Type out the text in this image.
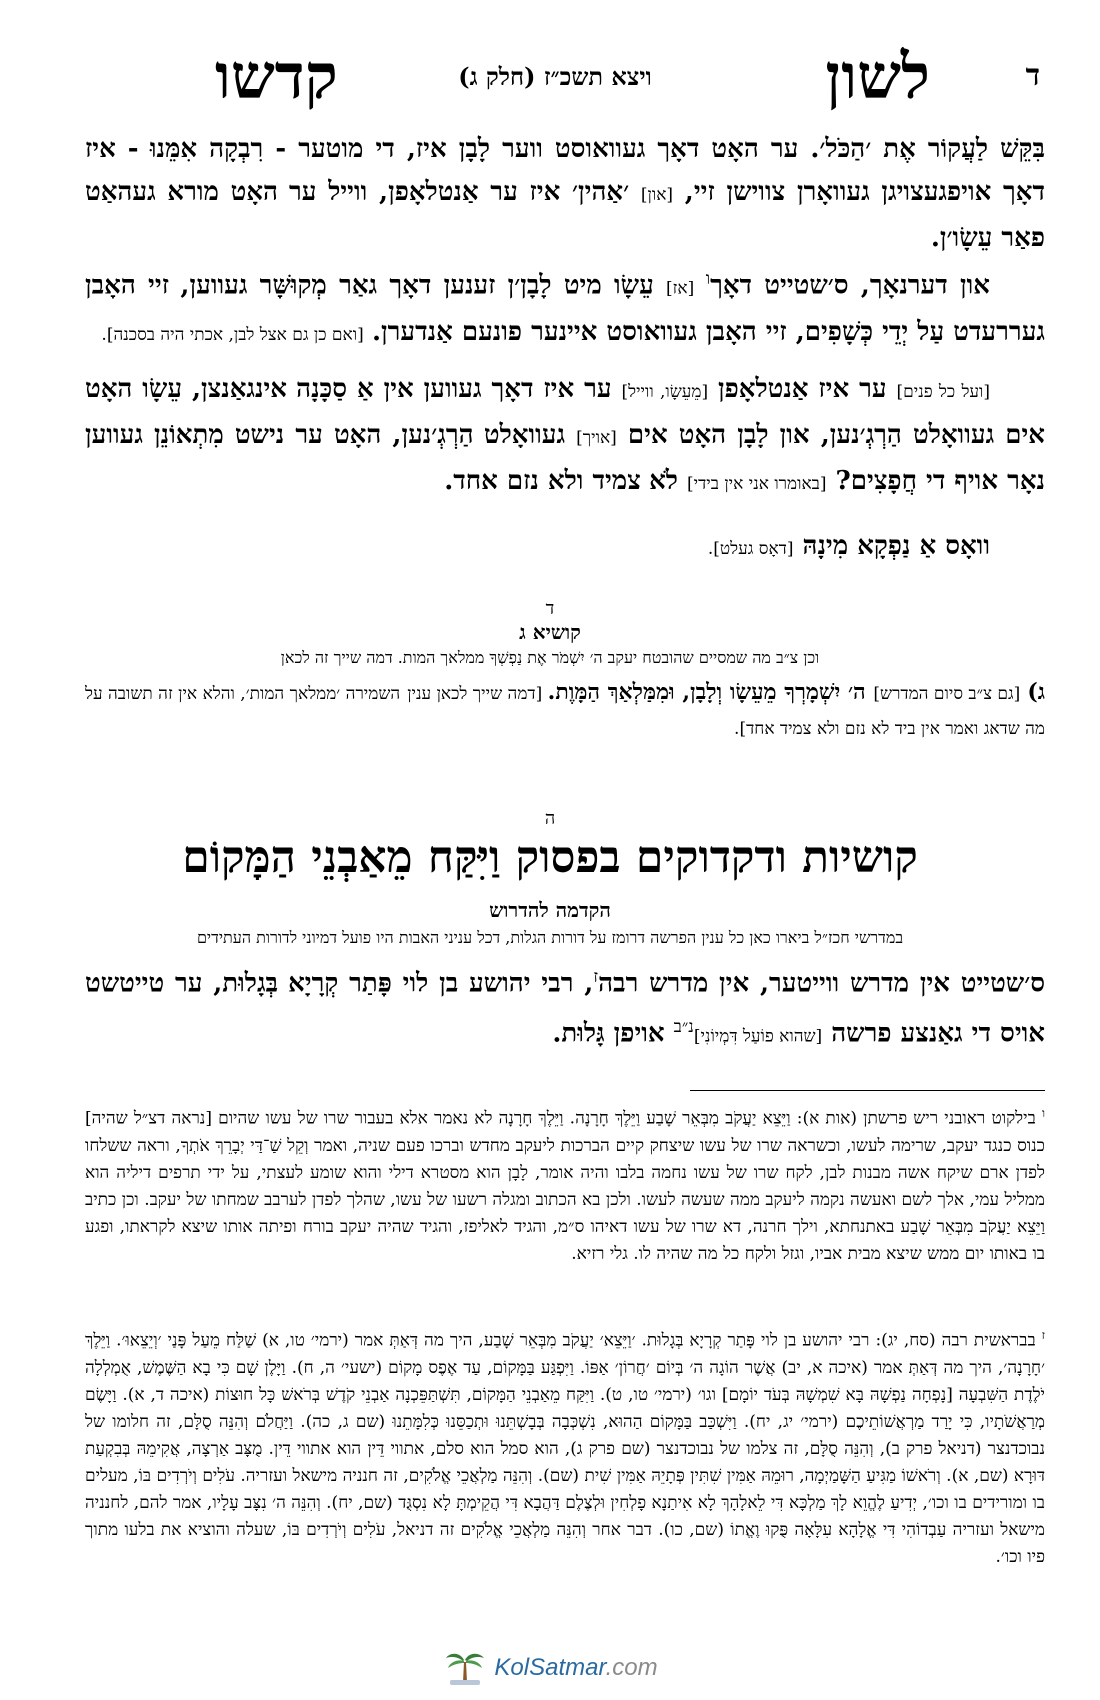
ד
לשון
ויצא תשכ״ז (חלק ג)
קדשו
בִּקֵּשׁ לַעֲקוֹר אֶת ׳הַכֹּל׳. ער האָט דאָך געוואוסט ווער לָבָן איז, די מוטער - רִבְקָה אִמֵּנוּ - איז דאָך אויפגעצויגן געוואָרן צווישן זיי, [און] ׳אַהין׳ איז ער אַנטלאָפן, ווייל ער האָט מורא געהאַט פאַר עֵשָׂו׳ן.
און דערנאָך, ס׳שטייט דאָך$^ו$ [אז] עֵשָׂו מיט לָבָן׳ן זענען דאָך גאַר מְקוּשָּׁר געווען, זיי האָבן געררעדט עַל יְדֵי כְּשָׁפִים, זיי האָבן געוואוסט איינער פונעם אַנדערן. [ואם כן גם אצל לבן, אכתי היה בסכנה].
[ועל כל פנים] ער איז אַנטלאָפן [מֵעֵשָׂו, ווייל] ער איז דאָך געווען אין אַ סַכָּנָה אינגאַנצן, עֵשָׂו האָט אים געוואָלט הַרְגְ׳נען, און לָבָן האָט אים [אויך] געוואָלט הַרְגְ׳נען, האָט ער נישט מִתְאוֹנֵן געווען נאָר אויף די חֲפָצִים? [באומרו אני אין בידי] לֹא צמיד ולא נזם אחד.
וואָס אַ נַפְקָא מִינָהּ [דאָס געלט].
ד
קושיא ג
וכן צ״ב מה שמסיים שהובטח יעקב ה׳ יִשְׁמֹר אֶת נַפְשְׁךָ ממלאך המות. דמה שייך זה לכאן
ג) [גם צ״ב סיום המדרש] ה׳ יִשְׁמָרְךָ מֵעֵשָׂו וְלָבָן, וּמִמַּלְאַךְ הַמָּוֶת. [דמה שייך לכאן ענין השמירה ׳ממלאך המות׳, והלא אין זה תשובה על מה שדאג ואמר אין ביד לא נזם ולא צמיד אחד].
ה
קושיות ודקדוקים בפסוק וַיִּקַּח מֵאַבְנֵי הַמָּקוֹם
הקדמה להדרוש
במדרשי חכז״ל ביארו כאן כל ענין הפרשה דרומז על דורות הגלות, דכל עניני האבות היו פועל דמיוני לדורות העתידים
ס׳שטייט אין מדרש ווייטער, אין מדרש רבה$^ז$, רבי יהושע בן לוי פָּתַר קְרָיָא בְּגָלוּת, ער טייטשט אויס די גאַנצע פרשה [שהוא פוֹעַל דִּמְיוֹנִי]$^{נ״ב}$ אויפן גָּלוּת.
$^ו$ בילקוט ראובני ריש פרשתן (אות א): וַיֵּצֵא יַעֲקֹב מִבְּאֵר שָׁבַע וַיֵּלֶךְ חָרָנָה. וַיֵּלֶךְ חָרָנָה לא נאמר אלא בעבור שרו של עשו שהיום [נראה דצ״ל שהיה] כנוס כנגד יעקב, שרימה לעשו, וכשראה שרו של עשו שיצחק קיים הברכות ליעקב מחדש וברכו פעם שניה, ואמר וְקֵל שַׁ־דַּי יְבָרֵךְ אֹתְךָ, וראה ששלחו לפדן ארם שיקח אשה מבנות לבן, לקח שרו של עשו נחמה בלבו והיה אומר, לָבָן הוא מסטרא דילי והוא שומע לעצתי, על ידי תרפים דיליה הוא ממליל עמי, אלך לשם ואעשה נקמה ליעקב ממה שעשה לעשו. ולכן בא הכתוב ומגלה רשעו של עשו, שהלך לפדן לערבב שמחתו של יעקב. וכן כתיב וַיֵּצֵא יַעֲקֹב מִבְּאֵר שָׁבַע באתנחתא, וילך חרנה, דא שרו של עשו דאיהו ס״מ, והגיד לאליפז, והגיד שהיה יעקב בורח ופיתה אותו שיצא לקראתו, ופגע בו באותו יום ממש שיצא מבית אביו, וגזל ולקח כל מה שהיה לו. גלי רזיא.
$^ז$ בבראשית רבה (סח, יג): רבי יהושע בן לוי פָּתַר קְרָיָא בְּגָלוּת. ׳וַיֵּצֵא׳ יַעֲקֹב מִבְּאֵר שָׁבַע, היך מה דְּאַתְּ אמר (ירמי׳ טו, א) שַׁלַּח מֵעַל פָּנַי ׳וְיֵצֵאוּ׳. וַיֵּלֶךְ ׳חָרָנָה׳, היך מה דְּאַתְּ אמר (איכה א, יב) אֲשֶׁר הוֹגָה ה׳ בְּיוֹם ׳חֲרוֹן׳ אַפּוֹ. וַיִּפְגַּע בַּמָּקוֹם, עַד אֶפֶס מָקוֹם (ישעי׳ ה, ח). וַיָּלֶן שָׁם כִּי בָא הַשֶּׁמֶשׁ, אֻמְלְלָה יֹלֶדֶת הַשִּׁבְעָה [נָפְחָה נַפְשָׁהּ בָּא שִׁמְשָׁהּ בְּעֹד יוֹמָם] וגו׳ (ירמי׳ טו, ט). וַיִּקַּח מֵאַבְנֵי הַמָּקוֹם, תִּשְׁתַּפֵּכְנָה אַבְנֵי קֹדֶשׁ בְּרֹאשׁ כָּל חוּצוֹת (איכה ד, א). וַיָּשֶׂם מְרַאֲשֹׁתָיו, כִּי יָרַד מַרְאֲשׁוֹתֵיכֶם (ירמי׳ יג, יח). וַיִּשְׁכַּב בַּמָּקוֹם הַהוּא, נִשְׁכְּבָה בְּבָשְׁתֵּנוּ וּתְכַסֵּנוּ כְּלִמָּתֵנוּ (שם ג, כה). וַיַּחֲלֹם וְהִנֵּה סֻלָּם, זה חלומו של נבוכדנצר (דניאל פרק ב), וְהִנֵּה סֻלָּם, זה צלמו של נבוכדנצר (שם פרק ג), הוא סמל הוא סלם, אתווי דֵּין הוא אתווי דֵּין. מֻצָּב אַרְצָה, אֲקִימֵהּ בְּבִקְעַת דּוּרָא (שם, א). וְרֹאשׁוֹ מַגִּיעַ הַשָּׁמַיְמָה, רוּמֵהּ אַמִּין שִׁתִּין פְּתָיֵהּ אַמִּין שִׁית (שם). וְהִנֵּה מַלְאֲכֵי אֱלֹקִים, זה חנניה מישאל ועזריה. עֹלִים וְיֹרְדִים בּוֹ, מעלים בו ומורידים בו וכו׳, יְדִיעַ לֶהֱוֵא לָךְ מַלְכָּא דִּי לֵאלָהָךְ לָא אִיתַנָא פָלְחִין וּלְצֶלֶם דַּהֲבָא דִּי הֲקֵימְתָּ לָא נִסְגֻּד (שם, יח). וְהִנֵּה ה׳ נִצָּב עָלָיו, אמר להם, לחנניה מישאל ועזריה עַבְדוֹהִי דִּי אֱלָהָא עִלָּאָה פֻּקוּ וֶאֱתוֹ (שם, כו). דבר אחר וְהִנֵּה מַלְאֲכֵי אֱלֹקִים זה דניאל, עֹלִים וְיֹרְדִים בּוֹ, שעלה והוציא את בלעו מתוך פיו וכו׳.
KolSatmar.com
